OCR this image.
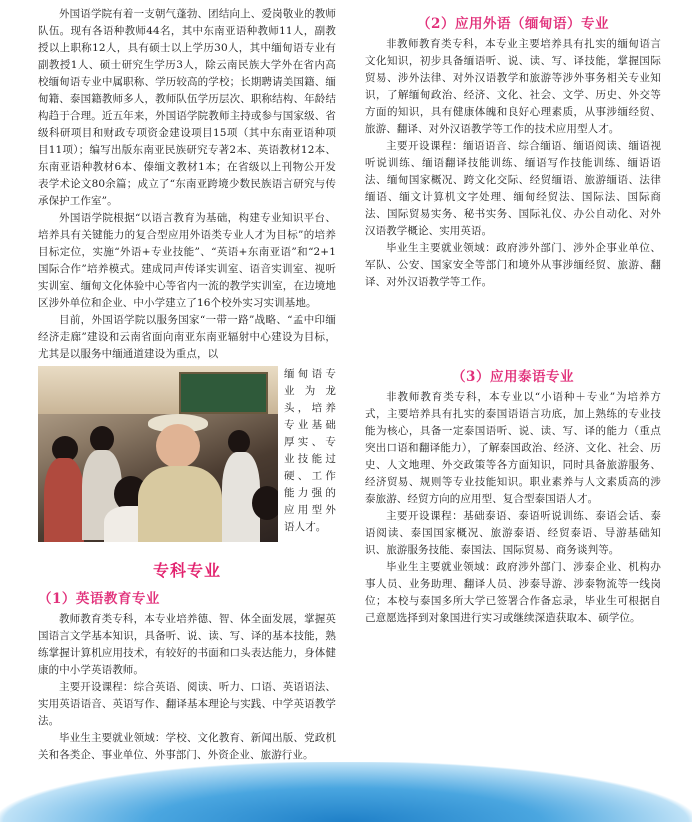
外国语学院有着一支朝气蓬勃、团结向上、爱岗敬业的教师队伍。现有各语种教师44名，其中东南亚语种教师11人，副教授以上职称12人，具有硕士以上学历30人，其中缅甸语专业有副教授1人、硕士研究生学历3人，除云南民族大学外在省内高校缅甸语专业中属职称、学历较高的学校；长期聘请美国籍、缅甸籍、泰国籍教师多人，教师队伍学历层次、职称结构、年龄结构趋于合理。近五年来，外国语学院教师主持或参与国家级、省级科研项目和财政专项资金建设项目15项（其中东南亚语种项目11项）；编写出版东南亚民族研究专著2本、英语教材12本、东南亚语种教材6本、傣缅文教材1本；在省级以上刊物公开发表学术论文80余篇；成立了“东南亚跨境少数民族语言研究与传承保护工作室”。

外国语学院根据“以语言教育为基础，构建专业知识平台、培养具有关键能力的复合型应用外语类专业人才为目标”的培养目标定位，实施“外语+专业技能”、“英语+东南亚语”和“2+1国际合作”培养模式。建成同声传译实训室、语音实训室、视听实训室、缅甸文化体验中心等省内一流的教学实训室，在边境地区涉外单位和企业、中小学建立了16个校外实习实训基地。

目前，外国语学院以服务国家“一带一路”战略、“孟中印缅经济走廊”建设和云南省面向南亚东南亚辐射中心建设为目标，尤其是以服务中缅通道建设为重点，以

缅甸语专业为龙头，培养专业基础厚实、专业技能过硬、工作能力强的应用型外语人才。

专科专业
（1）英语教育专业

教师教育类专科，本专业培养德、智、体全面发展，掌握英国语言文学基本知识，具备听、说、读、写、译的基本技能，熟练掌握计算机应用技术，有较好的书面和口头表达能力，身体健康的中小学英语教师。

主要开设课程：综合英语、阅读、听力、口语、英语语法、实用英语语音、英语写作、翻译基本理论与实践、中学英语教学法。

毕业生主要就业领域：学校、文化教育、新闻出版、党政机关和各类企、事业单位、外事部门、外资企业、旅游行业。

（2）应用外语（缅甸语）专业

非教师教育类专科，本专业主要培养具有扎实的缅甸语言文化知识，初步具备缅语听、说、读、写、译技能，掌握国际贸易、涉外法律、对外汉语教学和旅游等涉外事务相关专业知识，了解缅甸政治、经济、文化、社会、文学、历史、外交等方面的知识，具有健康体魄和良好心理素质，从事涉缅经贸、旅游、翻译、对外汉语教学等工作的技术应用型人才。

主要开设课程：缅语语音、综合缅语、缅语阅读、缅语视听说训练、缅语翻译技能训练、缅语写作技能训练、缅语语法、缅甸国家概况、跨文化交际、经贸缅语、旅游缅语、法律缅语、缅文计算机文字处理、缅甸经贸法、国际法、国际商法、国际贸易实务、秘书实务、国际礼仪、办公自动化、对外汉语教学概论、实用英语。

毕业生主要就业领域：政府涉外部门、涉外企事业单位、军队、公安、国家安全等部门和境外从事涉缅经贸、旅游、翻译、对外汉语教学等工作。

（3）应用泰语专业

非教师教育类专科，本专业以“小语种＋专业”为培养方式，主要培养具有扎实的泰国语语言功底，加上熟练的专业技能为核心，具备一定泰国语听、说、读、写、译的能力（重点突出口语和翻译能力），了解泰国政治、经济、文化、社会、历史、人文地理、外交政策等各方面知识，同时具备旅游服务、经济贸易、规则等专业技能知识。职业素养与人文素质高的涉泰旅游、经贸方向的应用型、复合型泰国语人才。

主要开设课程：基础泰语、泰语听说训练、泰语会话、泰语阅读、泰国国家概况、旅游泰语、经贸泰语、导游基础知识、旅游服务技能、泰国法、国际贸易、商务谈判等。

毕业生主要就业领域：政府涉外部门、涉泰企业、机构办事人员、业务助理、翻译人员、涉泰导游、涉泰物流等一线岗位；本校与泰国多所大学已签署合作备忘录，毕业生可根据自己意愿选择到对象国进行实习或继续深造获取本、硕学位。
